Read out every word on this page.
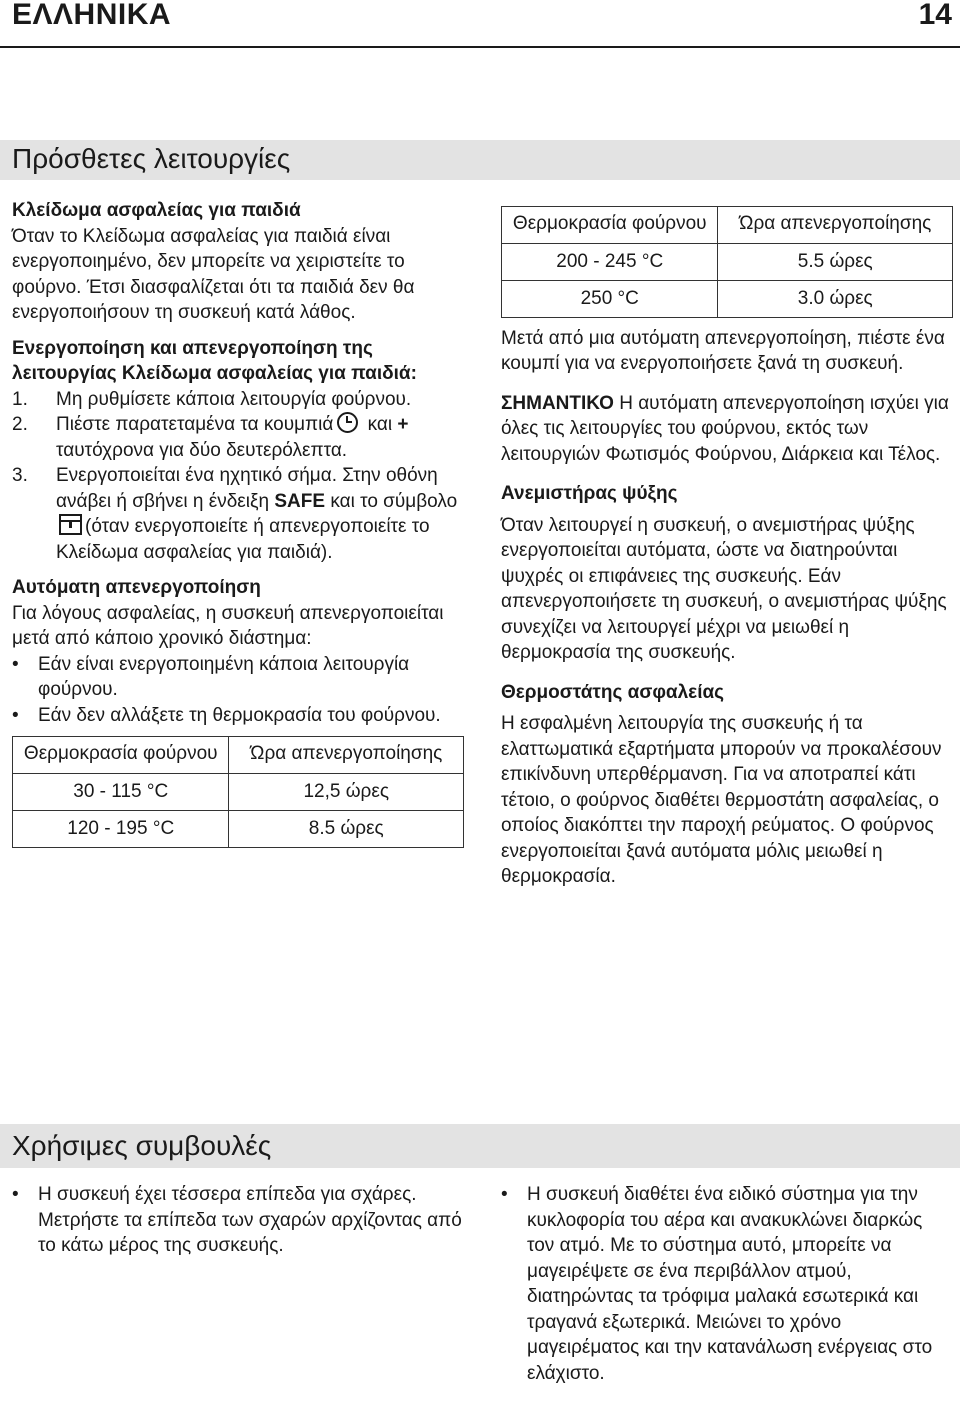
ΕΛΛΗΝΙΚΑ	14
Πρόσθετες λειτουργίες
Κλείδωμα ασφαλείας για παιδιά

Όταν το Κλείδωμα ασφαλείας για παιδιά είναι ενεργοποιημένο, δεν μπορείτε να χειριστείτε το φούρνο. Έτσι διασφαλίζεται ότι τα παιδιά δεν θα ενεργοποιήσουν τη συσκευή κατά λάθος.

Ενεργοποίηση και απενεργοποίηση της λειτουργίας Κλείδωμα ασφαλείας για παιδιά:
1.	Μη ρυθμίσετε κάποια λειτουργία φούρνου.
2.	Πιέστε παρατεταμένα τα κουμπιά και + ταυτόχρονα για δύο δευτερόλεπτα.
3.	Ενεργοποιείται ένα ηχητικό σήμα. Στην οθόνη ανάβει ή σβήνει η ένδειξη SAFE και το σύμβολο(όταν ενεργοποιείτε ή απενεργοποιείτε το Κλείδωμα ασφαλείας για παιδιά).
Αυτόματη απενεργοποίηση

Για λόγους ασφαλείας, η συσκευή απενεργοποιείται μετά από κάποιο χρονικό διάστημα:

•	Εάν είναι ενεργοποιημένη κάποια λειτουργία φούρνου.
•	Εάν δεν αλλάξετε τη θερμοκρασία του φούρνου.
Θερμοκρασία φούρνου	Ώρα απενεργοποίησης
30 - 115 °C	12,5 ώρες
120 - 195 °C	8.5 ώρες
Θερμοκρασία φούρνου	Ώρα απενεργοποίησης
200 - 245 °C	5.5 ώρες
250 °C	3.0 ώρες

Μετά από μια αυτόματη απενεργοποίηση, πιέστε ένα κουμπί για να ενεργοποιήσετε ξανά τη συσκευή.

ΣΗΜΑΝΤΙΚΟ Η αυτόματη απενεργοποίηση ισχύει για όλες τις λειτουργίες του φούρνου, εκτός των λειτουργιών Φωτισμός Φούρνου, Διάρκεια και Τέλος.

Ανεμιστήρας ψύξης

Όταν λειτουργεί η συσκευή, ο ανεμιστήρας ψύξης ενεργοποιείται αυτόματα, ώστε να διατηρούνται ψυχρές οι επιφάνειες της συσκευής. Εάν απενεργοποιήσετε τη συσκευή, ο ανεμιστήρας ψύξης συνεχίζει να λειτουργεί μέχρι να μειωθεί η θερμοκρασία της συσκευής.

Θερμοστάτης ασφαλείας

Η εσφαλμένη λειτουργία της συσκευής ή τα ελαττωματικά εξαρτήματα μπορούν να προκαλέσουν επικίνδυνη υπερθέρμανση. Για να αποτραπεί κάτι τέτοιο, ο φούρνος διαθέτει θερμοστάτη ασφαλείας, ο οποίος διακόπτει την παροχή ρεύματος. Ο φούρνος ενεργοποιείται ξανά αυτόματα μόλις μειωθεί η θερμοκρασία.

Χρήσιμες συμβουλές
•	Η συσκευή έχει τέσσερα επίπεδα για σχάρες. Μετρήστε τα επίπεδα των σχαρών αρχίζοντας από το κάτω μέρος της συσκευής.
•	Η συσκευή διαθέτει ένα ειδικό σύστημα για την κυκλοφορία του αέρα και ανακυκλώνει διαρκώς τον ατμό. Με το σύστημα αυτό, μπορείτε να μαγειρέψετε σε ένα περιβάλλον ατμού, διατηρώντας τα τρόφιμα μαλακά εσωτερικά και τραγανά εξωτερικά. Μειώνει το χρόνο μαγειρέματος και την κατανάλωση ενέργειας στο ελάχιστο.
